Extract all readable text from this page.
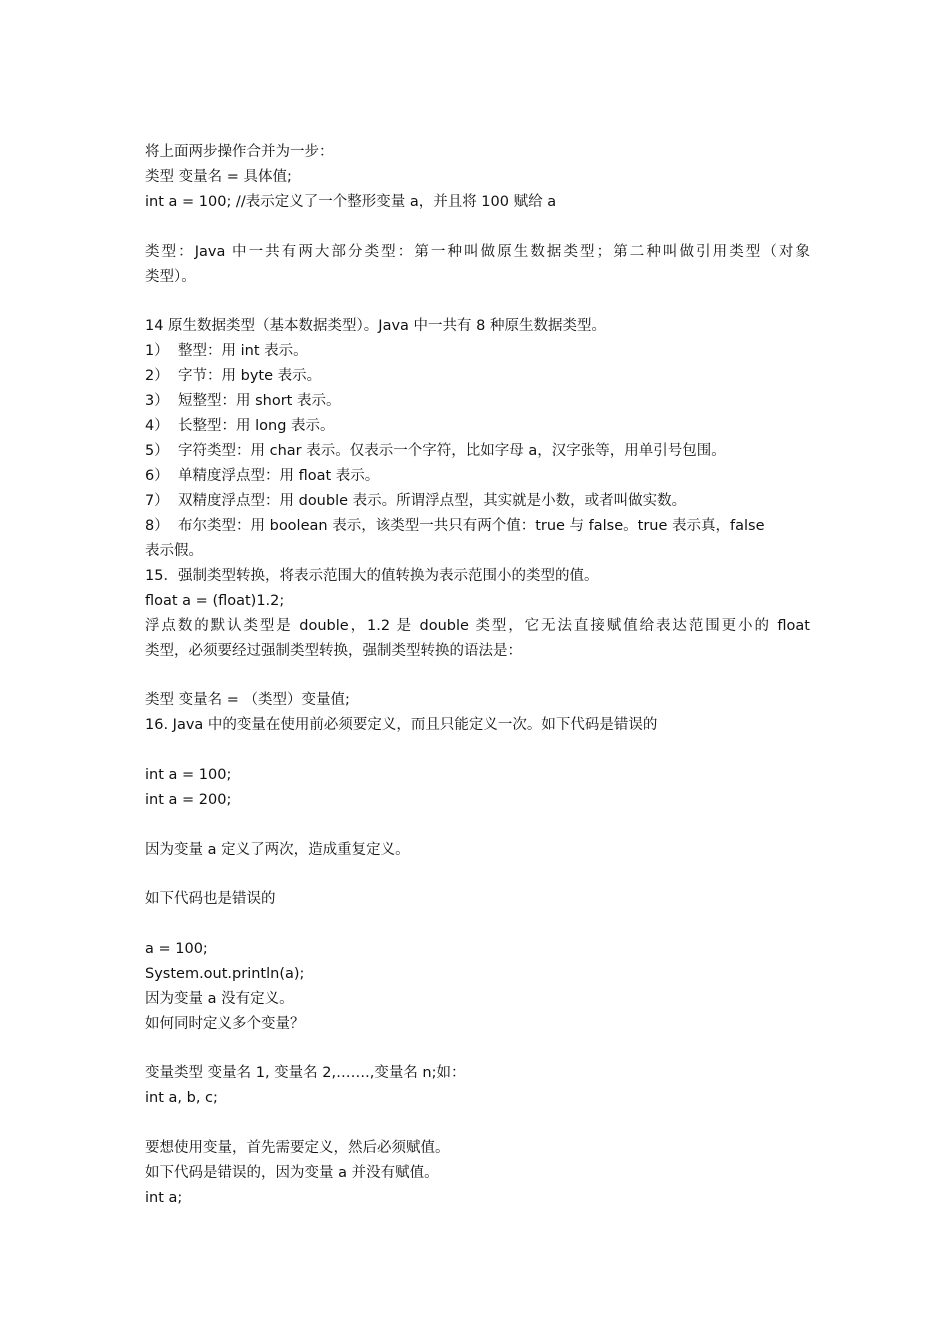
将上面两步操作合并为一步：
类型 变量名 = 具体值;
int a = 100; //表示定义了一个整形变量 a，并且将 100 赋给 a
类型：Java 中一共有两大部分类型：第一种叫做原生数据类型；第二种叫做引用类型（对象
类型）。
14 原生数据类型（基本数据类型）。Java 中一共有 8 种原生数据类型。
1） 整型：用 int 表示。
2） 字节：用 byte 表示。
3） 短整型：用 short 表示。
4） 长整型：用 long 表示。
5） 字符类型：用 char 表示。仅表示一个字符，比如字母 a，汉字张等，用单引号包围。
6） 单精度浮点型：用 float 表示。
7） 双精度浮点型：用 double 表示。所谓浮点型，其实就是小数，或者叫做实数。
8） 布尔类型：用 boolean 表示，该类型一共只有两个值：true 与 false。true 表示真，false
表示假。
15．强制类型转换，将表示范围大的值转换为表示范围小的类型的值。
float a = (float)1.2;
浮点数的默认类型是 double，1.2 是 double 类型，它无法直接赋值给表达范围更小的 float
类型，必须要经过强制类型转换，强制类型转换的语法是：
类型 变量名 = （类型）变量值;
16. Java 中的变量在使用前必须要定义，而且只能定义一次。如下代码是错误的
int a = 100;
int a = 200;
因为变量 a 定义了两次，造成重复定义。
如下代码也是错误的
a = 100;
System.out.println(a);
因为变量 a 没有定义。
如何同时定义多个变量？
变量类型 变量名 1, 变量名 2,…….,变量名 n;如：
int a, b, c;
要想使用变量，首先需要定义，然后必须赋值。
如下代码是错误的，因为变量 a 并没有赋值。
int a;
